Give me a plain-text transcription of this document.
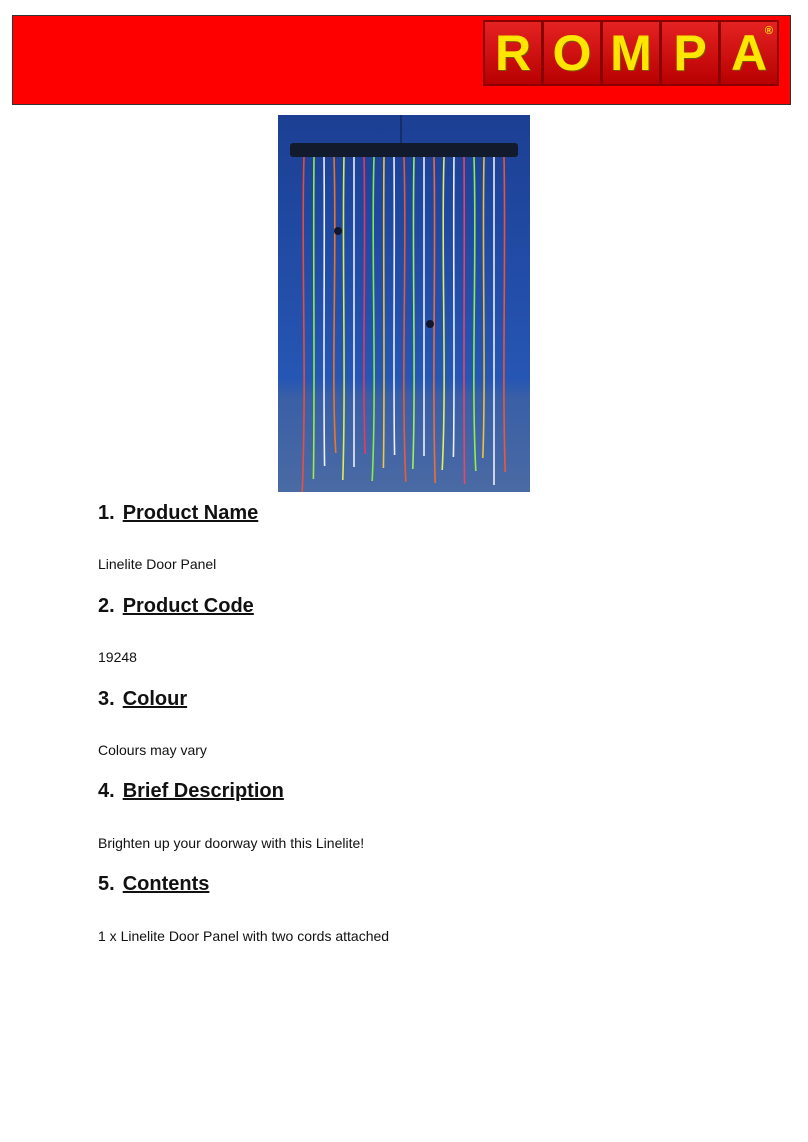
R O M P A
®
1. Product Name

Linelite Door Panel

2. Product Code

19248

3. Colour

Colours may vary

4. Brief Description

Brighten up your doorway with this Linelite!

5. Contents

1 x Linelite Door Panel with two cords attached
